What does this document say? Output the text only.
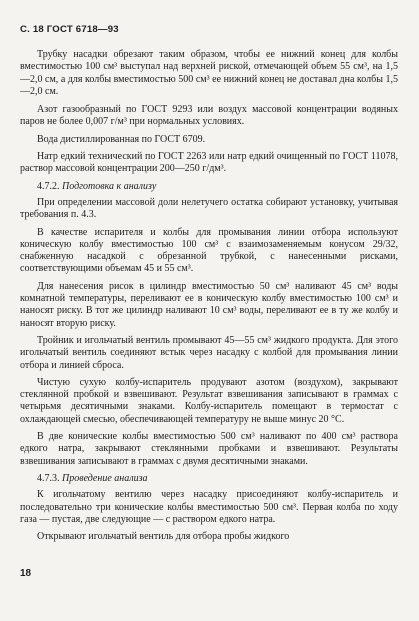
С. 18 ГОСТ 6718—93

Трубку насадки обрезают таким образом, чтобы ее нижний конец для колбы вместимостью 100 см³ выступал над верхней риской, отмечающей объем 55 см³, на 1,5—2,0 см, а для колбы вместимостью 500 см³ ее нижний конец не доставал дна колбы 1,5—2,0 см.

Азот газообразный по ГОСТ 9293 или воздух массовой концентрации водяных паров не более 0,007 г/м³ при нормальных условиях.

Вода дистиллированная по ГОСТ 6709.

Натр едкий технический по ГОСТ 2263 или натр едкий очищенный по ГОСТ 11078, раствор массовой концентрации 200—250 г/дм³.

4.7.2. Подготовка к анализу

При определении массовой доли нелетучего остатка собирают установку, учитывая требования п. 4.3.

В качестве испарителя и колбы для промывания линии отбора используют коническую колбу вместимостью 100 см³ с взаимозаменяемым конусом 29/32, снабженную насадкой с обрезанной трубкой, с нанесенными рисками, соответствующими объемам 45 и 55 см³.

Для нанесения рисок в цилиндр вместимостью 50 см³ наливают 45 см³ воды комнатной температуры, переливают ее в коническую колбу вместимостью 100 см³ и наносят риску. В тот же цилиндр наливают 10 см³ воды, переливают ее в ту же колбу и наносят вторую риску.

Тройник и игольчатый вентиль промывают 45—55 см³ жидкого продукта. Для этого игольчатый вентиль соединяют встык через насадку с колбой для промывания линии отбора и линией сброса.

Чистую сухую колбу-испаритель продувают азотом (воздухом), закрывают стеклянной пробкой и взвешивают. Результат взвешивания записывают в граммах с четырьмя десятичными знаками. Колбу-испаритель помещают в термостат с охлаждающей смесью, обеспечивающей температуру не выше минус 20 °С.

В две конические колбы вместимостью 500 см³ наливают по 400 см³ раствора едкого натра, закрывают стеклянными пробками и взвешивают. Результаты взвешивания записывают в граммах с двумя десятичными знаками.

4.7.3. Проведение анализа

К игольчатому вентилю через насадку присоединяют колбу-испаритель и последовательно три конические колбы вместимостью 500 см³. Первая колба по ходу газа — пустая, две следующие — с раствором едкого натра.

Открывают игольчатый вентиль для отбора пробы жидкого

18
